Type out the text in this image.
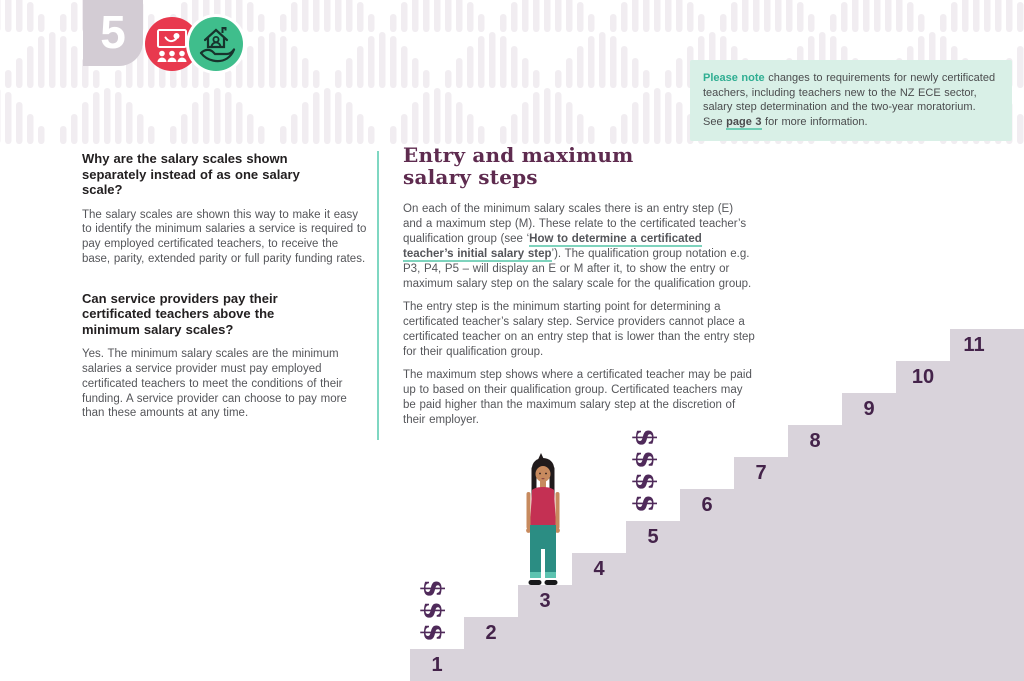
1
2
3
4
5
6
7
8
9
10
11
$
$
$
$
$
$
$
5
Please note changes to requirements for newly certificated teachers, including teachers new to the NZ ECE sector, salary step determination and the two-year moratorium. See page 3 for more information.
Why are the salary scales shown separately instead of as one salary scale?

The salary scales are shown this way to make it easy to identify the minimum salaries a service is required to pay employed certificated teachers, to receive the base, parity, extended parity or full parity funding rates.

Can service providers pay their certificated teachers above the minimum salary scales?

Yes. The minimum salary scales are the minimum salaries a service provider must pay employed certificated teachers to meet the conditions of their funding. A service provider can choose to pay more than these amounts at any time.

Entry and maximum salary steps

On each of the minimum salary scales there is an entry step (E) and a maximum step (M). These relate to the certificated teacher’s qualification group (see ‘How to determine a certificated teacher’s initial salary step’). The qualification group notation e.g. P3, P4, P5 – will display an E or M after it, to show the entry or maximum salary step on the salary scale for the qualification group.

The entry step is the minimum starting point for determining a certificated teacher’s salary step. Service providers cannot place a certificated teacher on an entry step that is lower than the entry step for their qualification group.

The maximum step shows where a certificated teacher may be paid up to based on their qualification group. Certificated teachers may be paid higher than the maximum salary step at the discretion of their employer.
